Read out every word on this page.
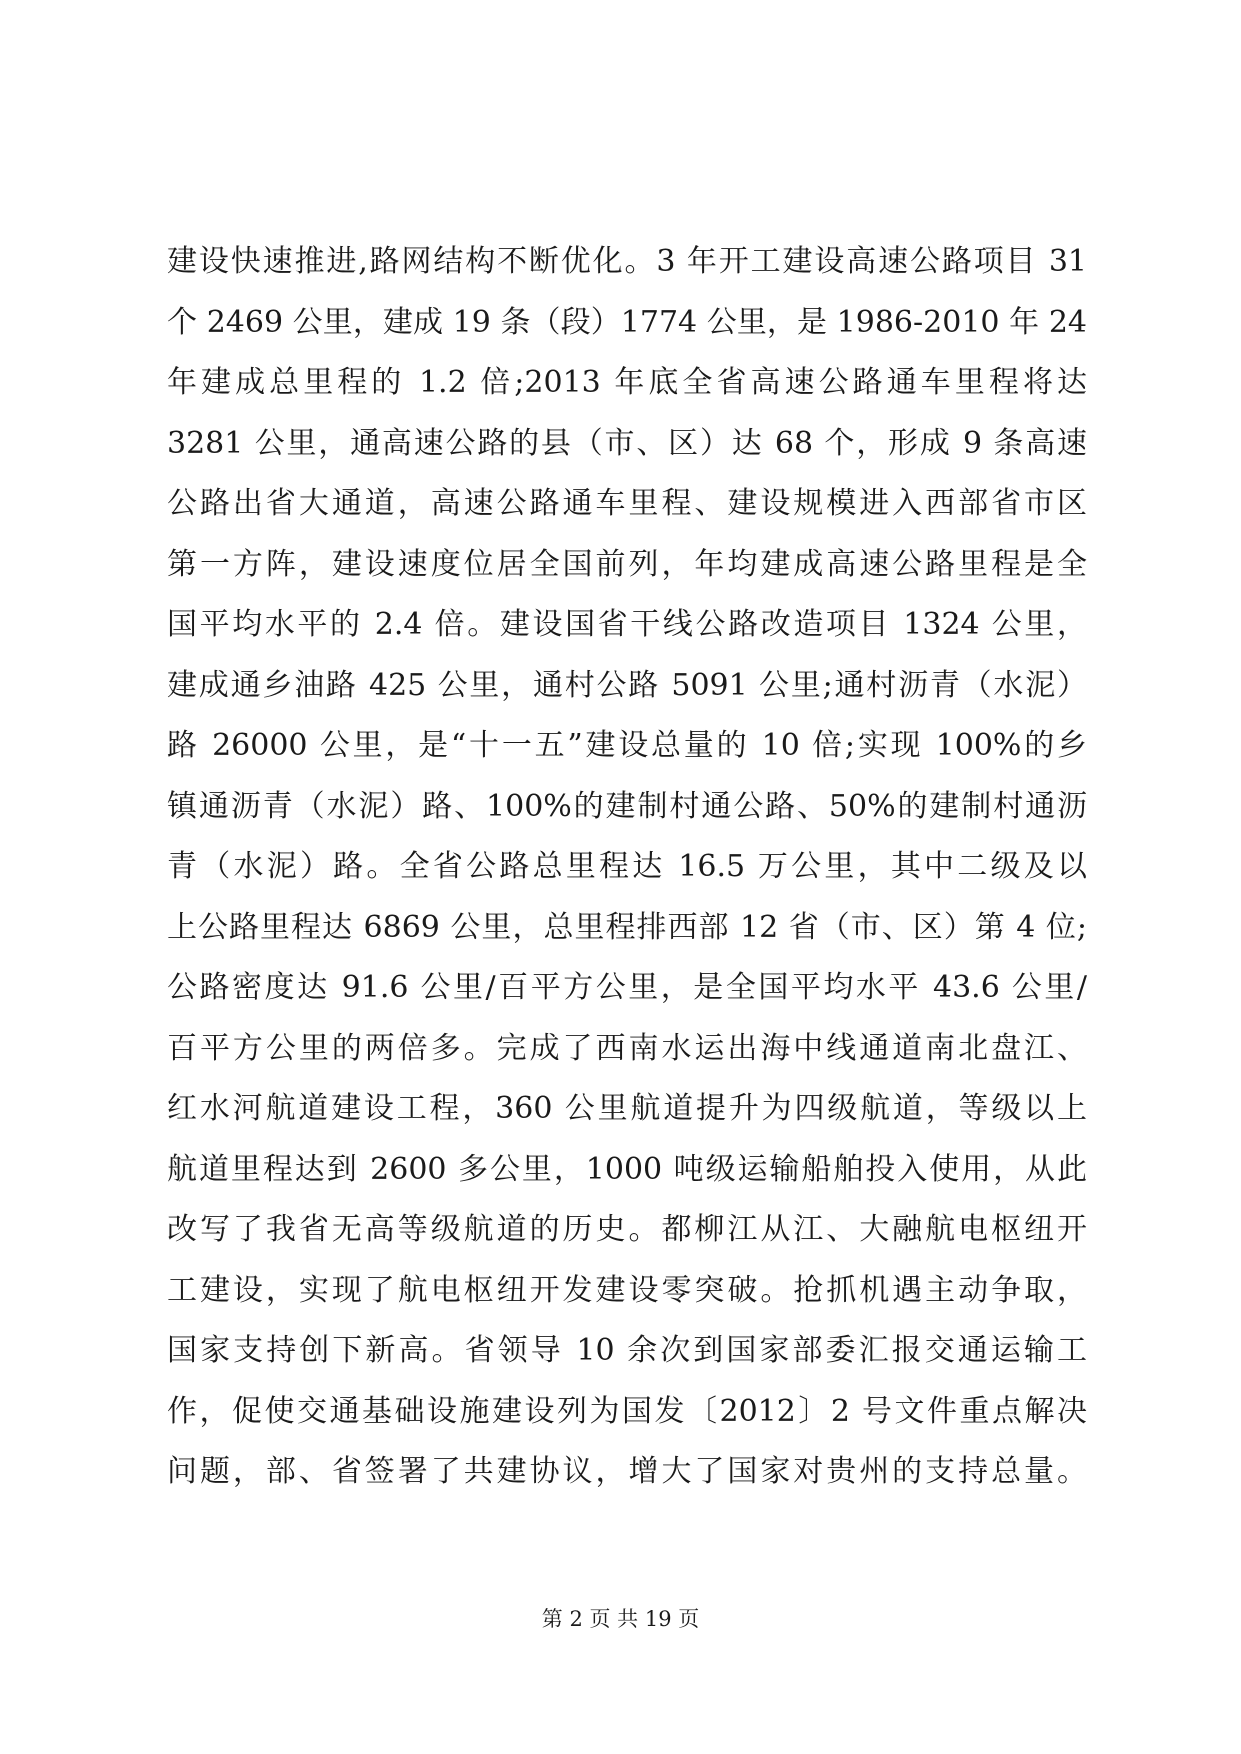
建设快速推进,路网结构不断优化。3 年开工建设高速公路项目 31
个 2469 公里，建成 19 条（段）1774 公里，是 1986-2010 年 24
年建成总里程的 1.2 倍;2013 年底全省高速公路通车里程将达
3281 公里，通高速公路的县（市、区）达 68 个，形成 9 条高速
公路出省大通道，高速公路通车里程、建设规模进入西部省市区
第一方阵，建设速度位居全国前列，年均建成高速公路里程是全
国平均水平的 2.4 倍。建设国省干线公路改造项目 1324 公里，
建成通乡油路 425 公里，通村公路 5091 公里;通村沥青（水泥）
路 26000 公里，是“十一五”建设总量的 10 倍;实现 100%的乡
镇通沥青（水泥）路、100%的建制村通公路、50%的建制村通沥
青（水泥）路。全省公路总里程达 16.5 万公里，其中二级及以
上公路里程达 6869 公里，总里程排西部 12 省（市、区）第 4 位;
公路密度达 91.6 公里/百平方公里，是全国平均水平 43.6 公里/
百平方公里的两倍多。完成了西南水运出海中线通道南北盘江、
红水河航道建设工程，360 公里航道提升为四级航道，等级以上
航道里程达到 2600 多公里，1000 吨级运输船舶投入使用，从此
改写了我省无高等级航道的历史。都柳江从江、大融航电枢纽开
工建设，实现了航电枢纽开发建设零突破。抢抓机遇主动争取，
国家支持创下新高。省领导 10 余次到国家部委汇报交通运输工
作，促使交通基础设施建设列为国发〔2012〕2 号文件重点解决
问题，部、省签署了共建协议，增大了国家对贵州的支持总量。
第 2 页 共 19 页
